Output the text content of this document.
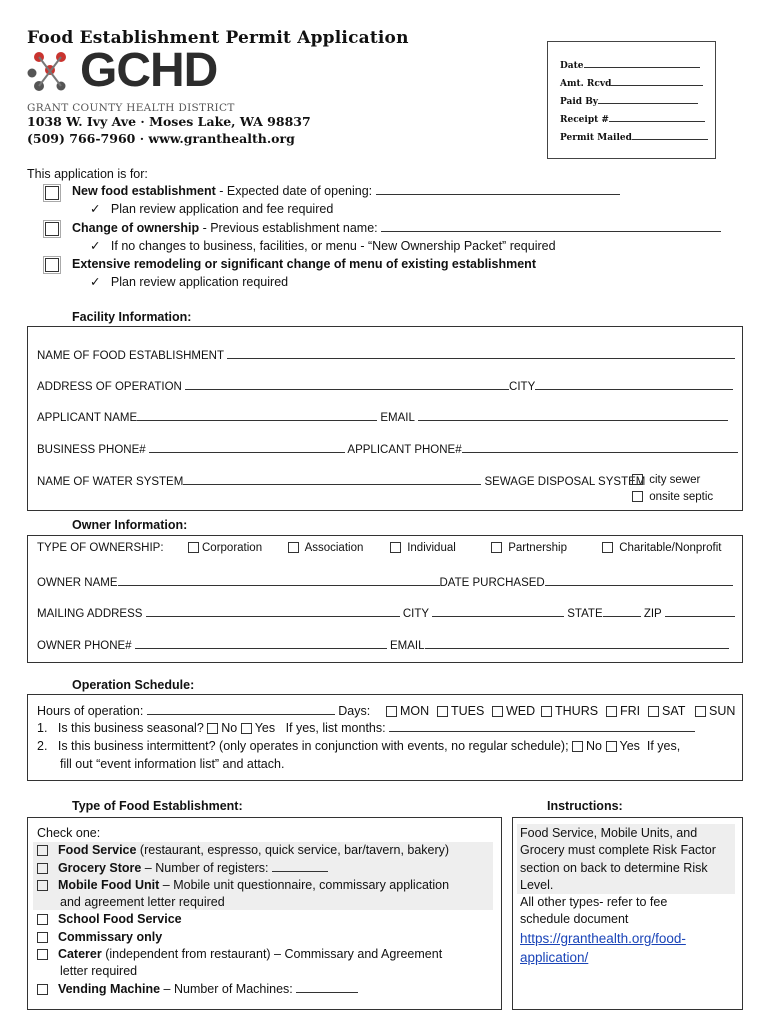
Food Establishment Permit Application
GCHD
GRANT COUNTY HEALTH DISTRICT
1038 W. Ivy Ave · Moses Lake, WA 98837
(509) 766-7960 · www.granthealth.org
Date
Amt. Rcvd
Paid By
Receipt #
Permit Mailed
This application is for:
New food establishment - Expected date of opening:
✓ Plan review application and fee required
Change of ownership - Previous establishment name:
✓ If no changes to business, facilities, or menu - “New Ownership Packet” required
Extensive remodeling or significant change of menu of existing establishment
✓ Plan review application required
Facility Information:
NAME OF FOOD ESTABLISHMENT
ADDRESS OF OPERATION	CITY
APPLICANT NAME	EMAIL
BUSINESS PHONE#	APPLICANT PHONE#
NAME OF WATER SYSTEM	SEWAGE DISPOSAL SYSTEM city sewer
onsite septic
Owner Information:
TYPE OF OWNERSHIP:	Corporation	Association	Individual	Partnership	Charitable/Nonprofit
OWNER NAME	DATE PURCHASED
MAILING ADDRESS	CITY	STATE	ZIP
OWNER PHONE#	EMAIL
Operation Schedule:
Hours of operation:	Days:	MON	TUES	WED	THURS	FRI	SAT	SUN
1. Is this business seasonal? No Yes If yes, list months:
2. Is this business intermittent? (only operates in conjunction with events, no regular schedule); No Yes If yes,
fill out “event information list” and attach.
Type of Food Establishment:
Check one:
Food Service (restaurant, espresso, quick service, bar/tavern, bakery)
Grocery Store – Number of registers:
Mobile Food Unit – Mobile unit questionnaire, commissary application
and agreement letter required
School Food Service
Commissary only
Caterer (independent from restaurant) – Commissary and Agreement
letter required
Vending Machine – Number of Machines:
Instructions:
Food Service, Mobile Units, and
Grocery must complete Risk Factor
section on back to determine Risk
Level.
All other types- refer to fee
schedule document
https://granthealth.org/food-
application/
